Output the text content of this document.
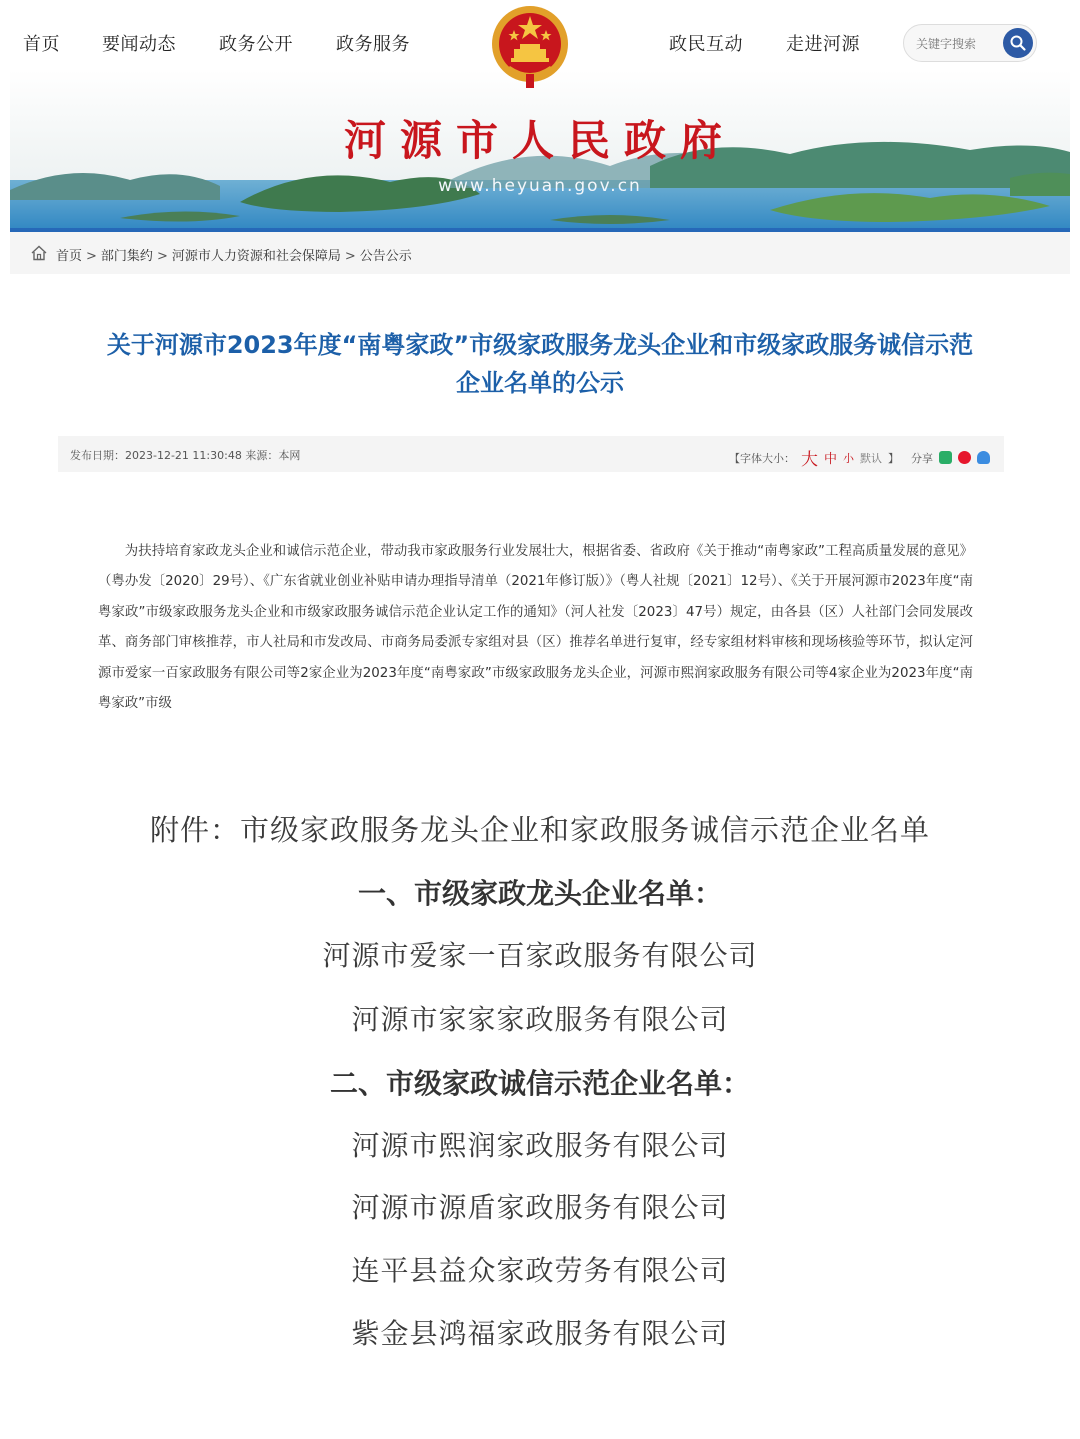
首页 要闻动态 政务公开 政务服务	政民互动 走进河源
关键字搜索
河源市人民政府
www.heyuan.gov.cn
首页 > 部门集约 > 河源市人力资源和社会保障局 > 公告公示
关于河源市2023年度“南粤家政”市级家政服务龙头企业和市级家政服务诚信示范
企业名单的公示
发布日期：2023-12-21 11:30:48 来源：本网	【字体大小： 大 中 小 默认 】 分享
为扶持培育家政龙头企业和诚信示范企业，带动我市家政服务行业发展壮大，根据省委、省政府《关于推动“南粤家政”工程高质量发展的意见》（粤办发〔2020〕29号）、《广东省就业创业补贴申请办理指导清单（2021年修订版）》（粤人社规〔2021〕12号）、《关于开展河源市2023年度“南粤家政”市级家政服务龙头企业和市级家政服务诚信示范企业认定工作的通知》（河人社发〔2023〕47号）规定，由各县（区）人社部门会同发展改革、商务部门审核推荐，市人社局和市发改局、市商务局委派专家组对县（区）推荐名单进行复审，经专家组材料审核和现场核验等环节，拟认定河源市爱家一百家政服务有限公司等2家企业为2023年度“南粤家政”市级家政服务龙头企业，河源市熙润家政服务有限公司等4家企业为2023年度“南粤家政”市级
附件：市级家政服务龙头企业和家政服务诚信示范企业名单
一、市级家政龙头企业名单：
河源市爱家一百家政服务有限公司
河源市家家家政服务有限公司
二、市级家政诚信示范企业名单：
河源市熙润家政服务有限公司
河源市源盾家政服务有限公司
连平县益众家政劳务有限公司
紫金县鸿福家政服务有限公司
